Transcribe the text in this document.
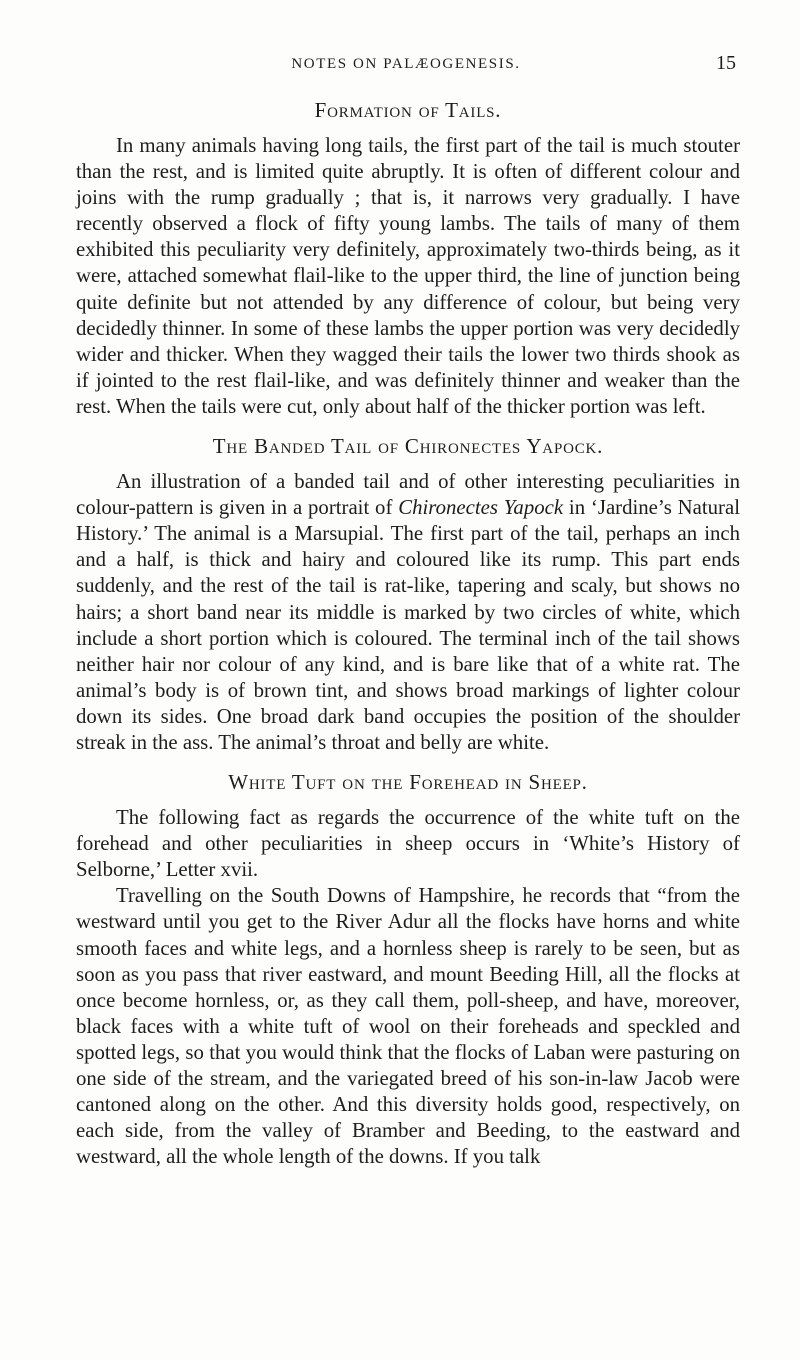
NOTES ON PALÆOGENESIS.	15
Formation of Tails.

In many animals having long tails, the first part of the tail is much stouter than the rest, and is limited quite abruptly. It is often of different colour and joins with the rump gradually ; that is, it narrows very gradually. I have recently observed a flock of fifty young lambs. The tails of many of them exhibited this peculiarity very definitely, approximately two-thirds being, as it were, attached somewhat flail-like to the upper third, the line of junction being quite definite but not attended by any difference of colour, but being very decidedly thinner. In some of these lambs the upper portion was very decidedly wider and thicker. When they wagged their tails the lower two thirds shook as if jointed to the rest flail-like, and was definitely thinner and weaker than the rest. When the tails were cut, only about half of the thicker portion was left.

The Banded Tail of Chironectes Yapock.

An illustration of a banded tail and of other interesting peculiarities in colour-pattern is given in a portrait of Chironectes Yapock in ‘Jardine’s Natural History.’ The animal is a Marsupial. The first part of the tail, perhaps an inch and a half, is thick and hairy and coloured like its rump. This part ends suddenly, and the rest of the tail is rat-like, tapering and scaly, but shows no hairs; a short band near its middle is marked by two circles of white, which include a short portion which is coloured. The terminal inch of the tail shows neither hair nor colour of any kind, and is bare like that of a white rat. The animal’s body is of brown tint, and shows broad markings of lighter colour down its sides. One broad dark band occupies the position of the shoulder streak in the ass. The animal’s throat and belly are white.

White Tuft on the Forehead in Sheep.

The following fact as regards the occurrence of the white tuft on the forehead and other peculiarities in sheep occurs in ‘White’s History of Selborne,’ Letter xvii.

Travelling on the South Downs of Hampshire, he records that “from the westward until you get to the River Adur all the flocks have horns and white smooth faces and white legs, and a hornless sheep is rarely to be seen, but as soon as you pass that river eastward, and mount Beeding Hill, all the flocks at once become hornless, or, as they call them, poll-sheep, and have, moreover, black faces with a white tuft of wool on their foreheads and speckled and spotted legs, so that you would think that the flocks of Laban were pasturing on one side of the stream, and the variegated breed of his son-in-law Jacob were cantoned along on the other. And this diversity holds good, respectively, on each side, from the valley of Bramber and Beeding, to the eastward and westward, all the whole length of the downs. If you talk
